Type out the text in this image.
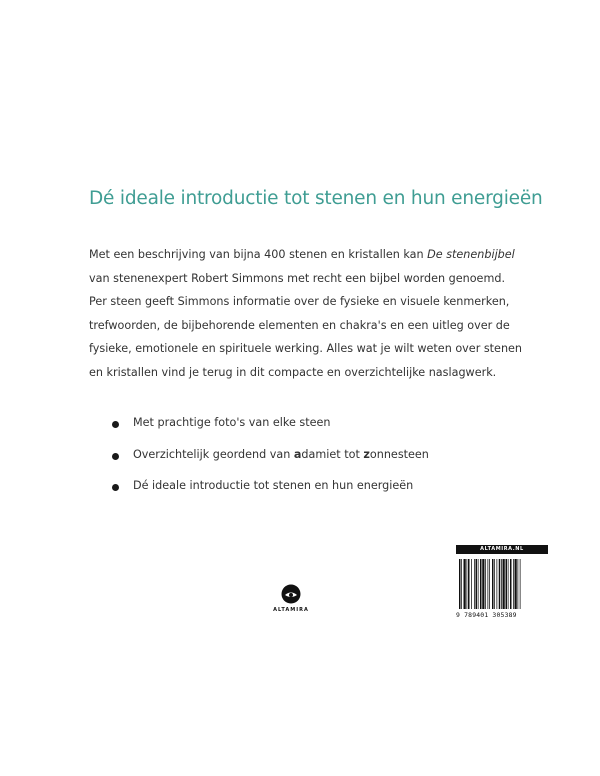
Dé ideale introductie tot stenen en hun energieën

Met een beschrijving van bijna 400 stenen en kristallen kan De stenenbijbel
van stenenexpert Robert Simmons met recht een bijbel worden genoemd.
Per steen geeft Simmons informatie over de fysieke en visuele kenmerken,
trefwoorden, de bijbehorende elementen en chakra's en een uitleg over de
fysieke, emotionele en spirituele werking. Alles wat je wilt weten over stenen
en kristallen vind je terug in dit compacte en overzichtelijke naslagwerk.

Met prachtige foto's van elke steen
Overzichtelijk geordend van adamiet tot zonnesteen
Dé ideale introductie tot stenen en hun energieën
ALTAMIRA
ALTAMIRA.NL
9 789401 305389
